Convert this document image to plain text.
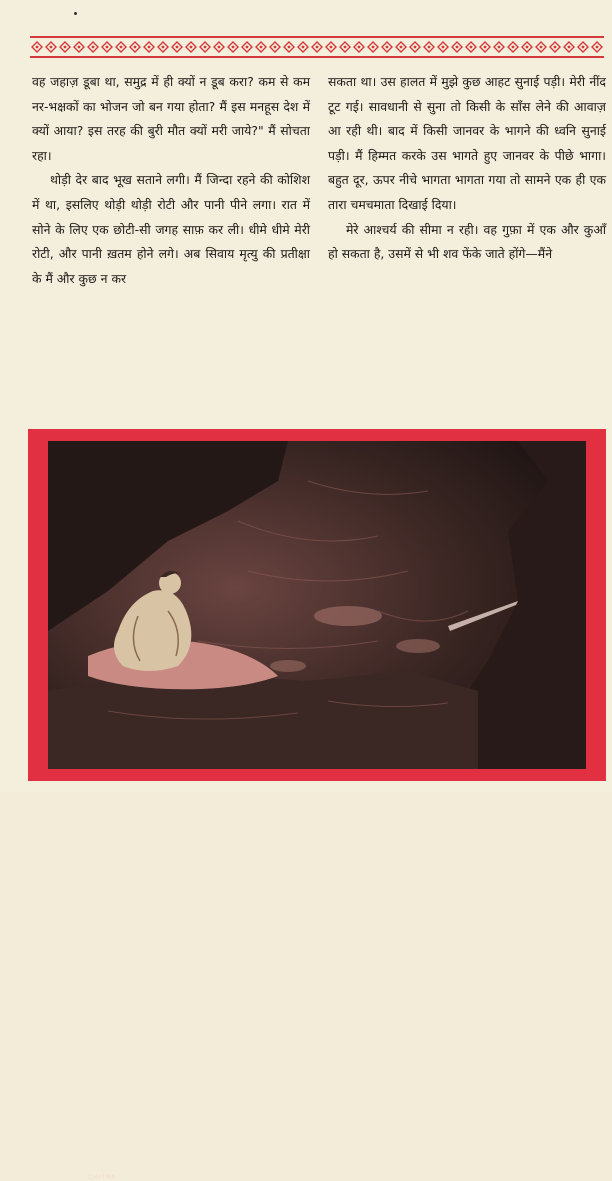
वह जहाज़ डूबा था, समुद्र में ही क्यों न डूब करा? कम से कम नर-भक्षकों का भोजन जो बन गया होता? मैं इस मनहूस देश में क्यों आया? इस तरह की बुरी मौत क्यों मरी जाये?" मैं सोचता रहा।

थोड़ी देर बाद भूख सताने लगी। मैं जिन्दा रहने की कोशिश में था, इसलिए थोड़ी थोड़ी रोटी और पानी पीने लगा। रात में सोने के लिए एक छोटी-सी जगह साफ़ कर ली। धीमे धीमे मेरी रोटी, और पानी ख़तम होने लगे। अब सिवाय मृत्यु की प्रतीक्षा के मैं और कुछ न कर

सकता था। उस हालत में मुझे कुछ आहट सुनाई पड़ी। मेरी नींद टूट गई। सावधानी से सुना तो किसी के साँस लेने की आवाज़ आ रही थी। बाद में किसी जानवर के भागने की ध्वनि सुनाई पड़ी। मैं हिम्मत करके उस भागते हुए जानवर के पीछे भागा। बहुत दूर, ऊपर नीचे भागता भागता गया तो सामने एक ही एक तारा चमचमाता दिखाई दिया।

मेरे आश्चर्य की सीमा न रही। वह गुफ़ा में एक और कुआँ हो सकता है, उसमें से भी शव फेंके जाते होंगे—मैंने

CHITRA
